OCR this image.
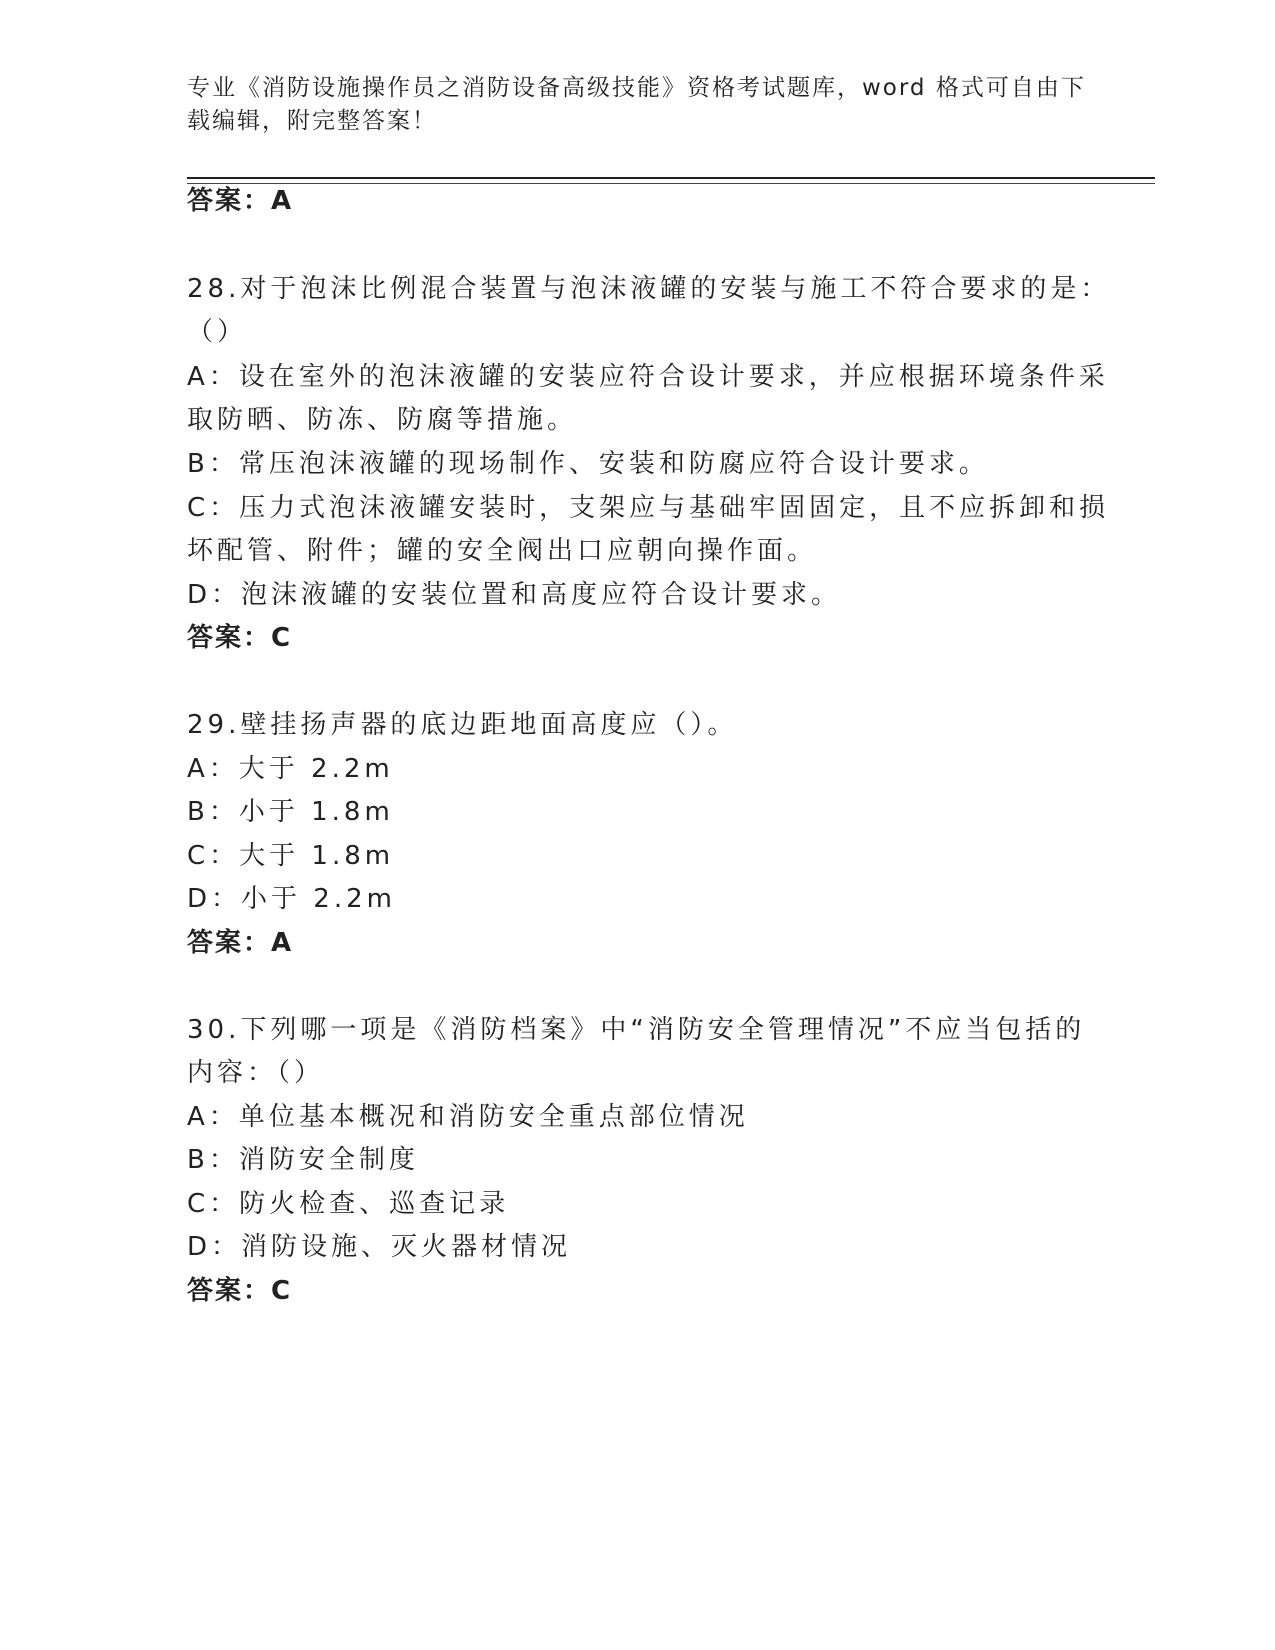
专业《消防设施操作员之消防设备高级技能》资格考试题库，word 格式可自由下
载编辑，附完整答案！
答案：A
28.对于泡沫比例混合装置与泡沫液罐的安装与施工不符合要求的是：
（）
A：设在室外的泡沫液罐的安装应符合设计要求，并应根据环境条件采
取防晒、防冻、防腐等措施。
B：常压泡沫液罐的现场制作、安装和防腐应符合设计要求。
C：压力式泡沫液罐安装时，支架应与基础牢固固定，且不应拆卸和损
坏配管、附件；罐的安全阀出口应朝向操作面。
D：泡沫液罐的安装位置和高度应符合设计要求。
答案：C
29.壁挂扬声器的底边距地面高度应（）。
A：大于 2.2m
B：小于 1.8m
C：大于 1.8m
D：小于 2.2m
答案：A
30.下列哪一项是《消防档案》中“消防安全管理情况”不应当包括的
内容：（）
A：单位基本概况和消防安全重点部位情况
B：消防安全制度
C：防火检查、巡查记录
D：消防设施、灭火器材情况
答案：C
